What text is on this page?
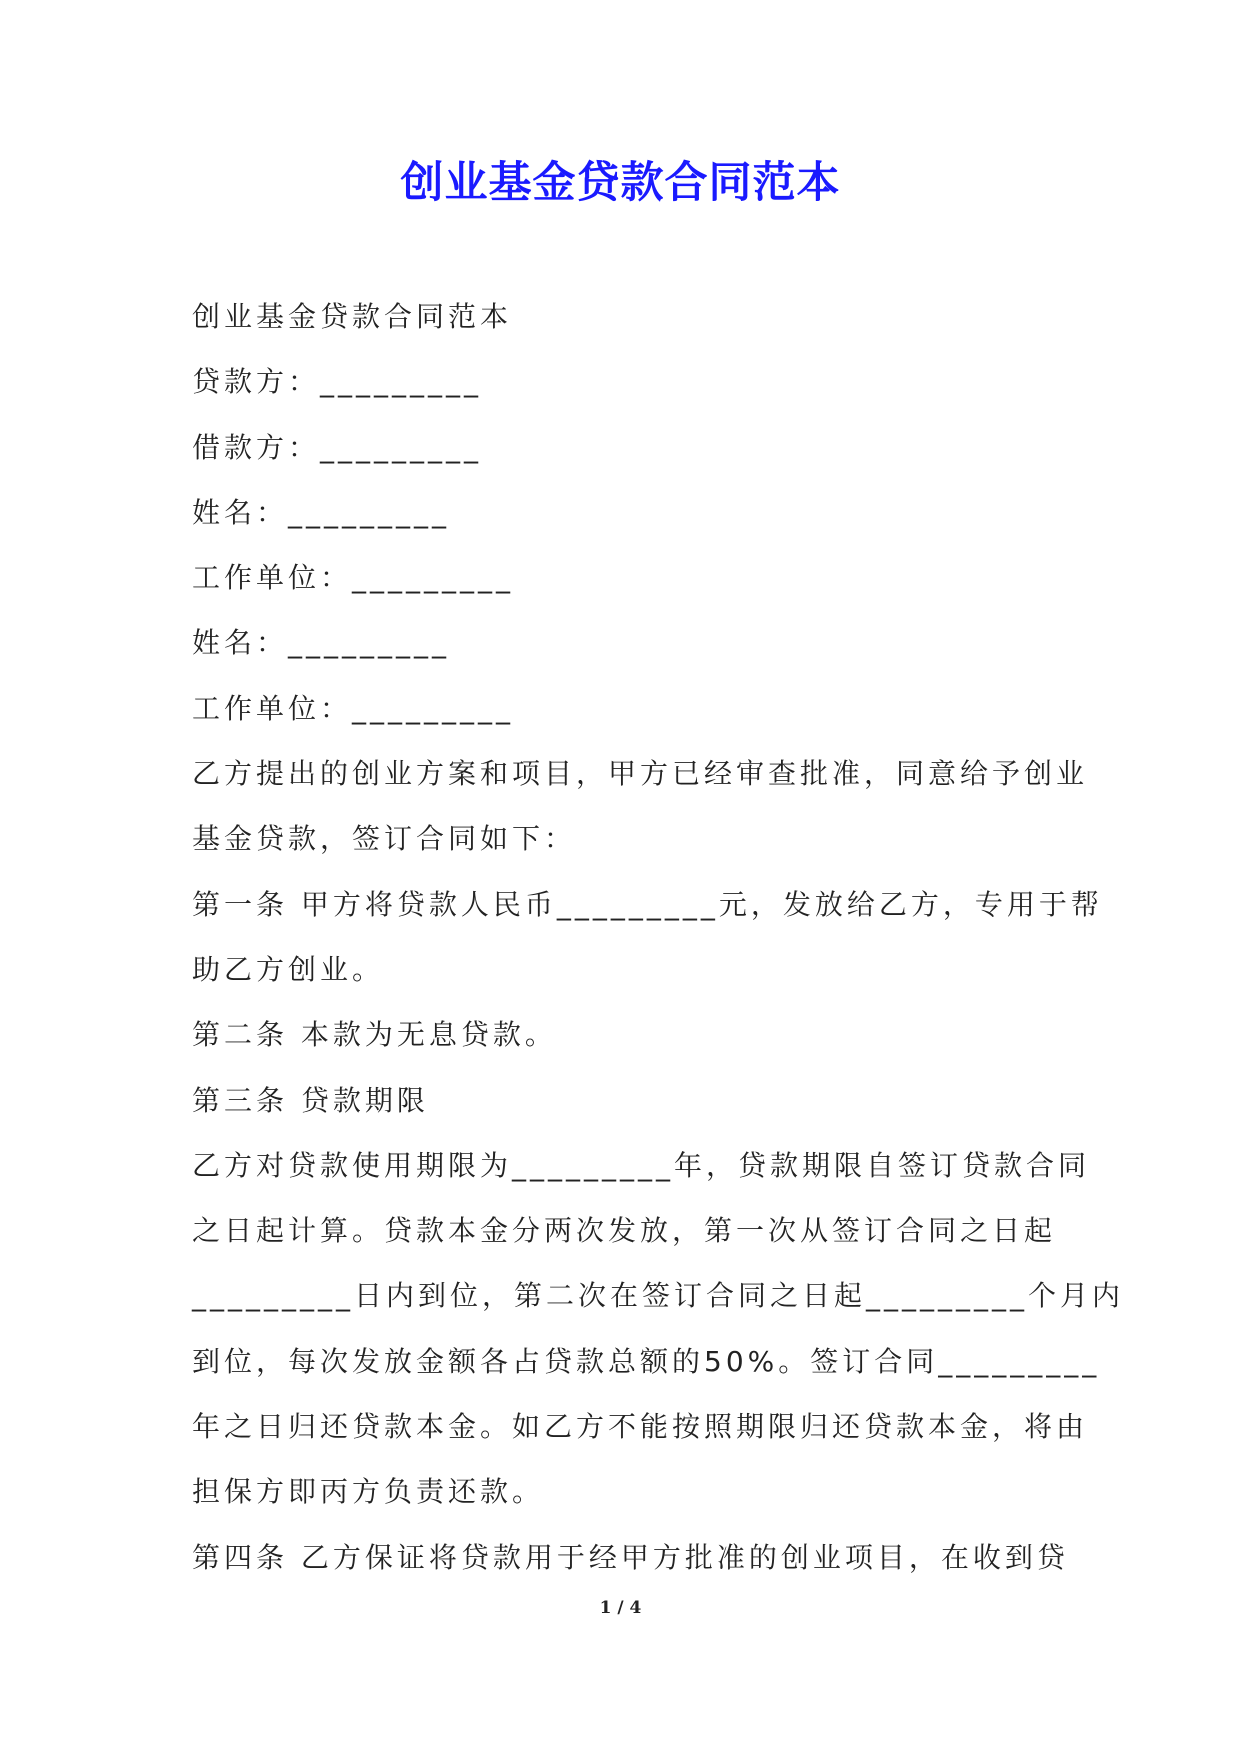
创业基金贷款合同范本

创业基金贷款合同范本

贷款方：_________

借款方：_________

姓名：_________

工作单位：_________

姓名：_________

工作单位：_________

乙方提出的创业方案和项目，甲方已经审查批准，同意给予创业

基金贷款，签订合同如下：

第一条 甲方将贷款人民币_________元，发放给乙方，专用于帮

助乙方创业。

第二条 本款为无息贷款。

第三条 贷款期限

乙方对贷款使用期限为_________年，贷款期限自签订贷款合同

之日起计算。贷款本金分两次发放，第一次从签订合同之日起

_________日内到位，第二次在签订合同之日起_________个月内

到位，每次发放金额各占贷款总额的50%。签订合同_________

年之日归还贷款本金。如乙方不能按照期限归还贷款本金，将由

担保方即丙方负责还款。

第四条 乙方保证将贷款用于经甲方批准的创业项目，在收到贷

1 / 4
